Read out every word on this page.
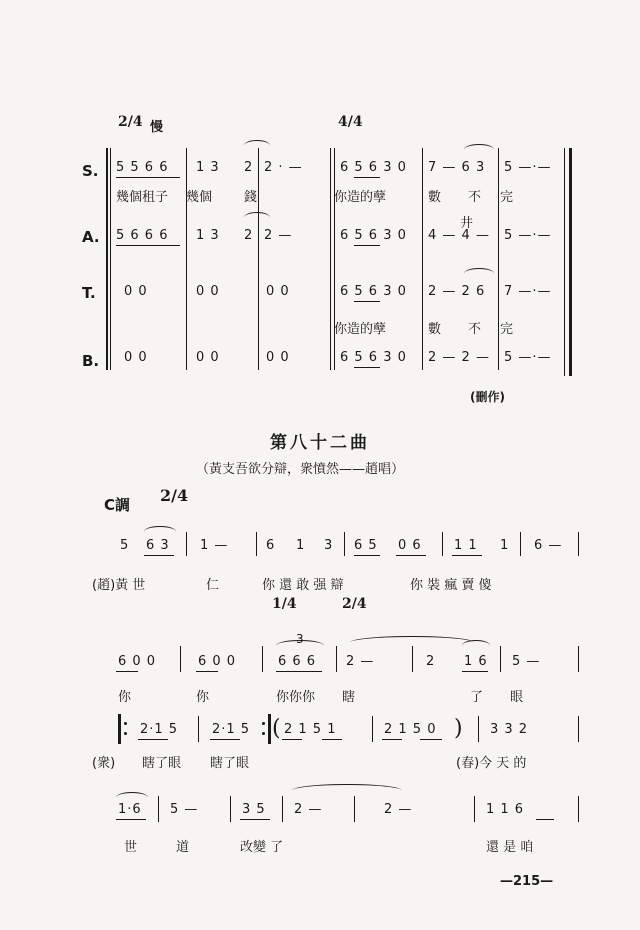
2/4 慢	4/4
S.
A.
T.
B.
5 5 6 6 1 3 2 2 · —	6 5 6 3 0 7 — 6 3 5 —·—
幾個租子 幾個 錢	你造的孽	數 不 完
5 6 6 6 1 3 2 2 —	6 5 6 3 0 4 — 4 —
井
5 —·—
0 0	0 0	0 0	6 5 6 3 0 2 — 2 6 7 —·—
你造的孽	數 不 完
0 0	0 0	0 0	6 5 6 3 0 2 — 2 — 5 —·—
(刪作)
第八十二曲
（黃支吾欲分辯，衆憤然——趙唱）
C調 2/4
5 6 3 1 —	6 1 3 6 5 0 6 1 1 1 6 —
(趙)黃 世	仁	你 還 敢 强 辯	你 裝 瘋 賣 傻
1/4	2/4
6 0 0	6 0 0
3
6 6 6 2 —	2 1 6 5 —
你	你	你你你 瞎	了 眼
2·1 5	2·1 5 ( 2 1 5 1	2 1 5 0 ) 3 3 2
(衆) 瞎了眼 瞎了眼	(春)今 天 的
1·6 5 —	3 5 2 —	2 —	1 1 6
世	道	改變 了	還 是 咱
—215—
